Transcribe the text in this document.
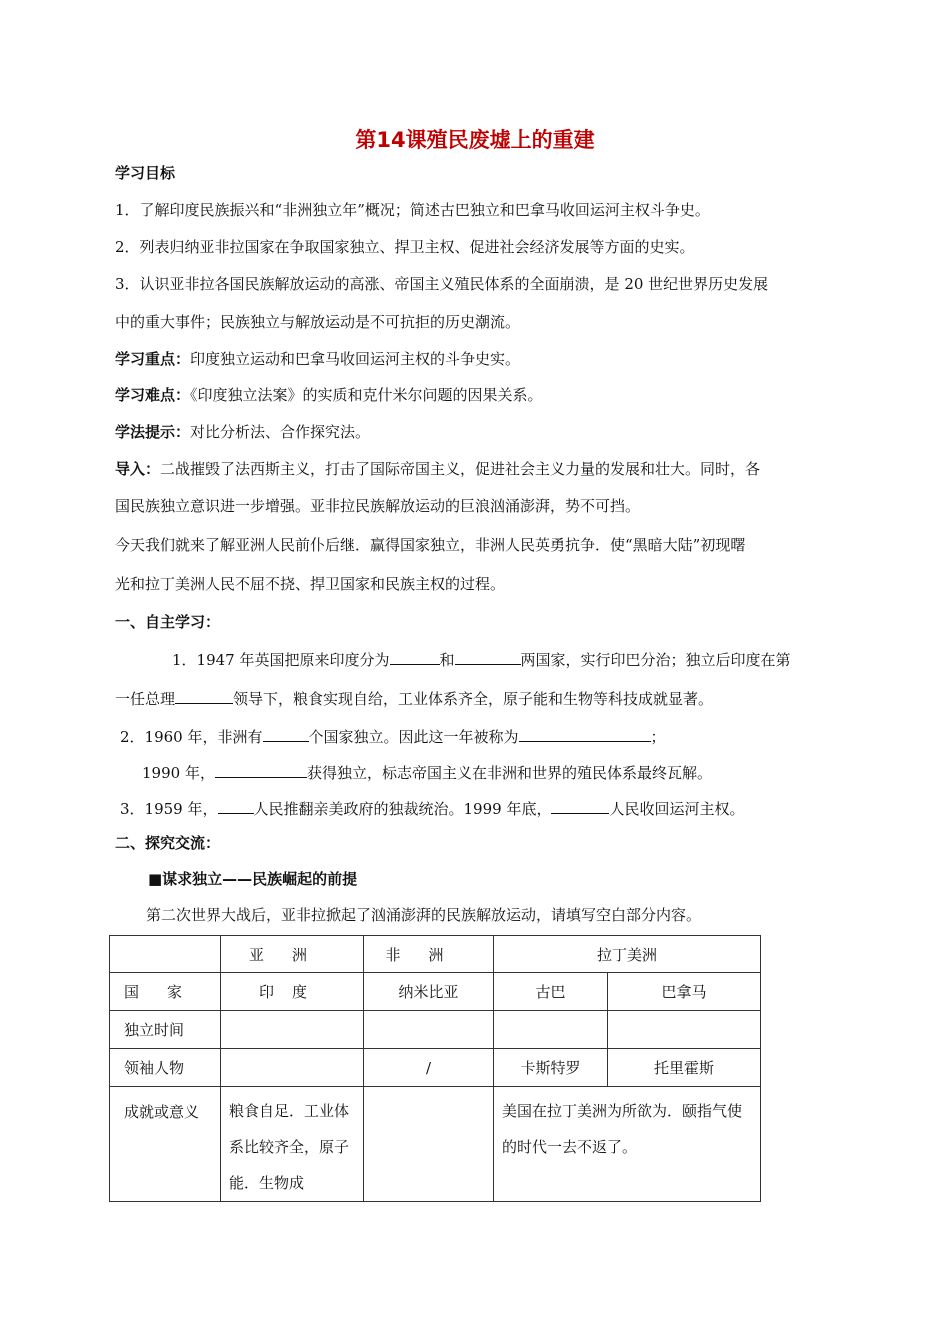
第14课殖民废墟上的重建
学习目标
1．了解印度民族振兴和“非洲独立年”概况；简述古巴独立和巴拿马收回运河主权斗争史。
2．列表归纳亚非拉国家在争取国家独立、捍卫主权、促进社会经济发展等方面的史实。
3．认识亚非拉各国民族解放运动的高涨、帝国主义殖民体系的全面崩溃，是 20 世纪世界历史发展
中的重大事件；民族独立与解放运动是不可抗拒的历史潮流。
学习重点：印度独立运动和巴拿马收回运河主权的斗争史实。
学习难点：《印度独立法案》的实质和克什米尔问题的因果关系。
学法提示：对比分析法、合作探究法。
导入：二战摧毁了法西斯主义，打击了国际帝国主义，促进社会主义力量的发展和壮大。同时，各
国民族独立意识进一步增强。亚非拉民族解放运动的巨浪汹涌澎湃，势不可挡。
今天我们就来了解亚洲人民前仆后继．赢得国家独立，非洲人民英勇抗争．使“黑暗大陆”初现曙
光和拉丁美洲人民不屈不挠、捍卫国家和民族主权的过程。
一、自主学习：
1．1947 年英国把原来印度分为	和	两国家，实行印巴分治；独立后印度在第
一任总理	领导下，粮食实现自给，工业体系齐全，原子能和生物等科技成就显著。
2．1960 年，非洲有	个国家独立。因此这一年被称为	；
1990 年，	获得独立，标志帝国主义在非洲和世界的殖民体系最终瓦解。
3．1959 年， 人民推翻亲美政府的独裁统治。1999 年底，	人民收回运河主权。
二、探究交流：
■谋求独立——民族崛起的前提
第二次世界大战后，亚非拉掀起了汹涌澎湃的民族解放运动，请填写空白部分内容。
	亚洲	非洲	拉丁美洲	
国家	印度	纳米比亚	古巴	巴拿马
独立时间				
领袖人物		/	卡斯特罗	托里霍斯
成就或意义	粮食自足．工业体系比较齐全，原子能．生物成		美国在拉丁美洲为所欲为．颐指气使的时代一去不返了。	
